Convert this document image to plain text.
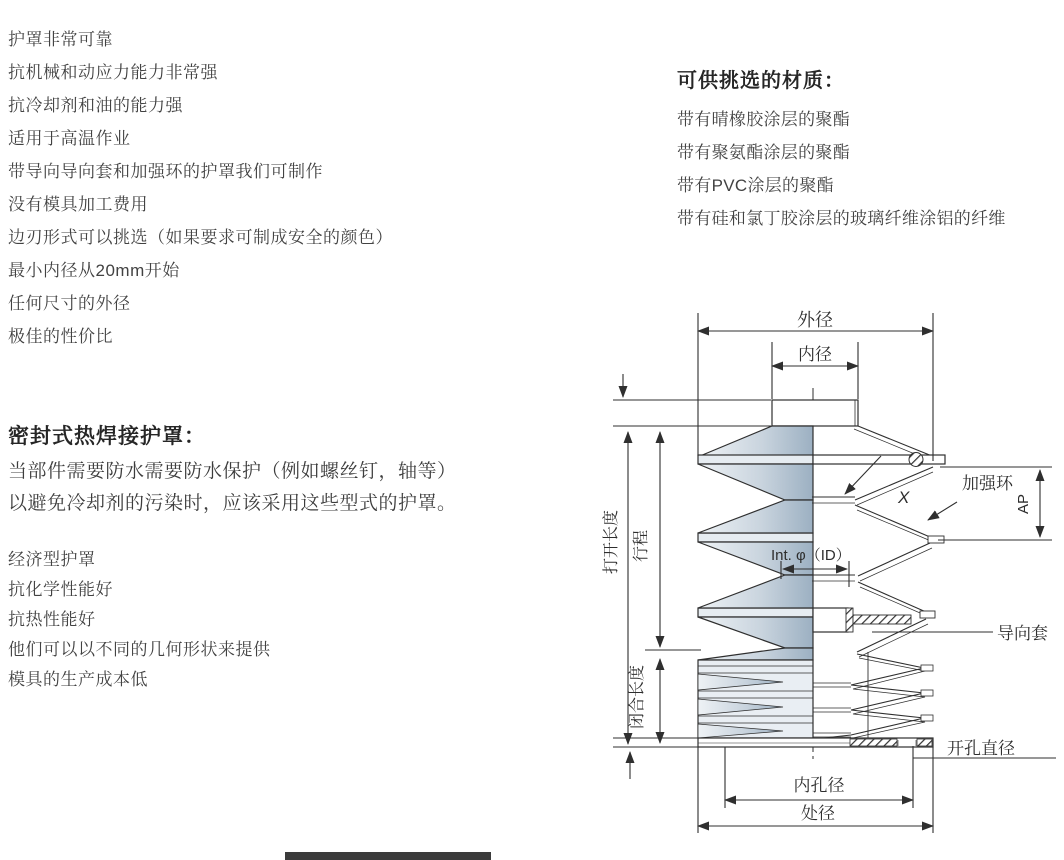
护罩非常可靠
抗机械和动应力能力非常强
抗冷却剂和油的能力强
适用于高温作业
带导向导向套和加强环的护罩我们可制作
没有模具加工费用
边刃形式可以挑选（如果要求可制成安全的颜色）
最小内径从20mm开始
任何尺寸的外径
极佳的性价比
密封式热焊接护罩：
当部件需要防水需要防水保护（例如螺丝钉，轴等）
以避免冷却剂的污染时，应该采用这些型式的护罩。
经济型护罩
抗化学性能好
抗热性能好
他们可以以不同的几何形状来提供
模具的生产成本低
可供挑选的材质：
带有晴橡胶涂层的聚酯
带有聚氨酯涂层的聚酯
带有PVC涂层的聚酯
带有硅和氯丁胶涂层的玻璃纤维涂铝的纤维
外径
内径
打开长度 行程
闭合长度
加强环
X	AP
Int. φ（ID）
导向套
开孔直径
内孔径
处径
